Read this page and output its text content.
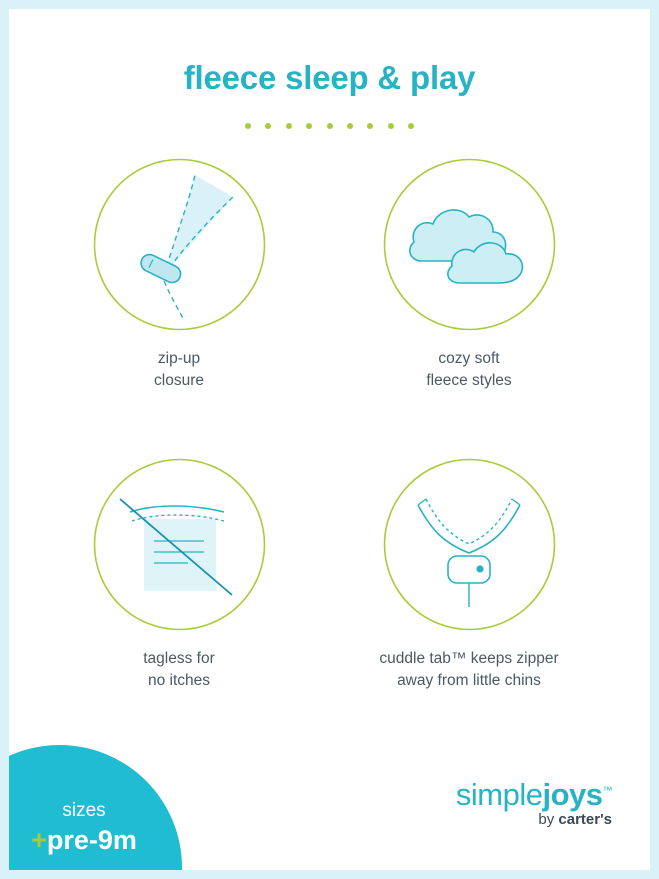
fleece sleep & play

zip-up
closure
cozy soft
fleece styles
tagless for
no itches
cuddle tab™ keeps zipper
away from little chins
sizes
+pre-9m
simplejoys™
by carter's
